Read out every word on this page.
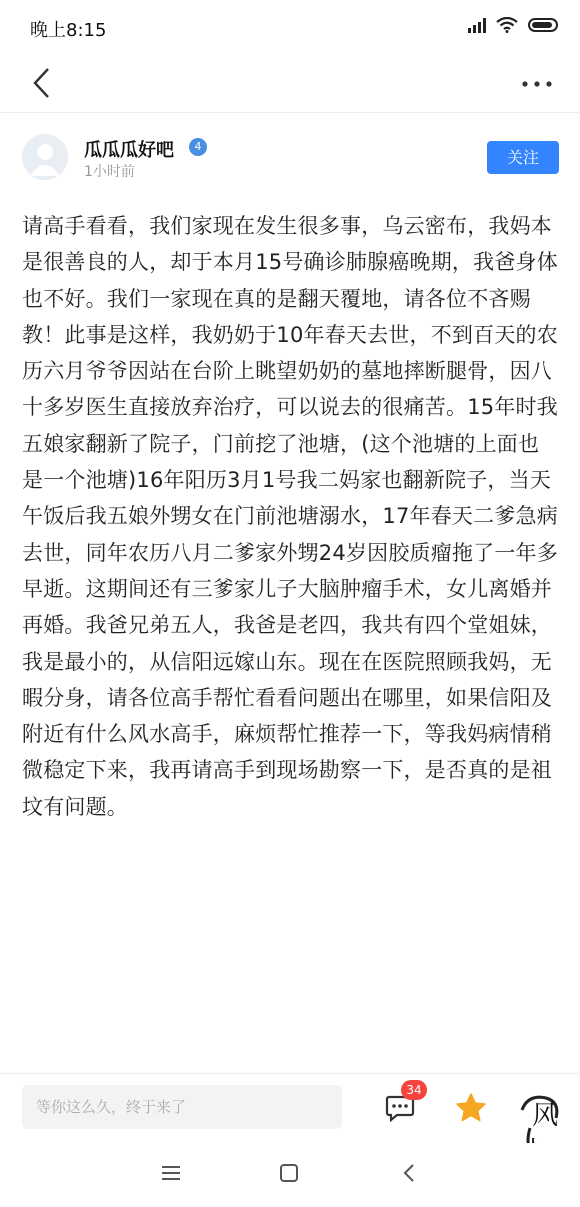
晚上8:15
瓜瓜瓜好吧	4
1小时前
关注
请高手看看，我们家现在发生很多事，乌云密布，我妈本是很善良的人，却于本月15号确诊肺腺癌晚期，我爸身体也不好。我们一家现在真的是翻天覆地，请各位不吝赐教！此事是这样，我奶奶于10年春天去世，不到百天的农历六月爷爷因站在台阶上眺望奶奶的墓地摔断腿骨，因八十多岁医生直接放弃治疗，可以说去的很痛苦。15年时我五娘家翻新了院子，门前挖了池塘，(这个池塘的上面也是一个池塘)16年阳历3月1号我二妈家也翻新院子，当天午饭后我五娘外甥女在门前池塘溺水，17年春天二爹急病去世，同年农历八月二爹家外甥24岁因胶质瘤拖了一年多早逝。这期间还有三爹家儿子大脑肿瘤手术，女儿离婚并再婚。我爸兄弟五人，我爸是老四，我共有四个堂姐妹，我是最小的，从信阳远嫁山东。现在在医院照顾我妈，无暇分身，请各位高手帮忙看看问题出在哪里，如果信阳及附近有什么风水高手，麻烦帮忙推荐一下，等我妈病情稍微稳定下来，我再请高手到现场勘察一下，是否真的是祖坟有问题。
等你这么久，终于来了
34
风
